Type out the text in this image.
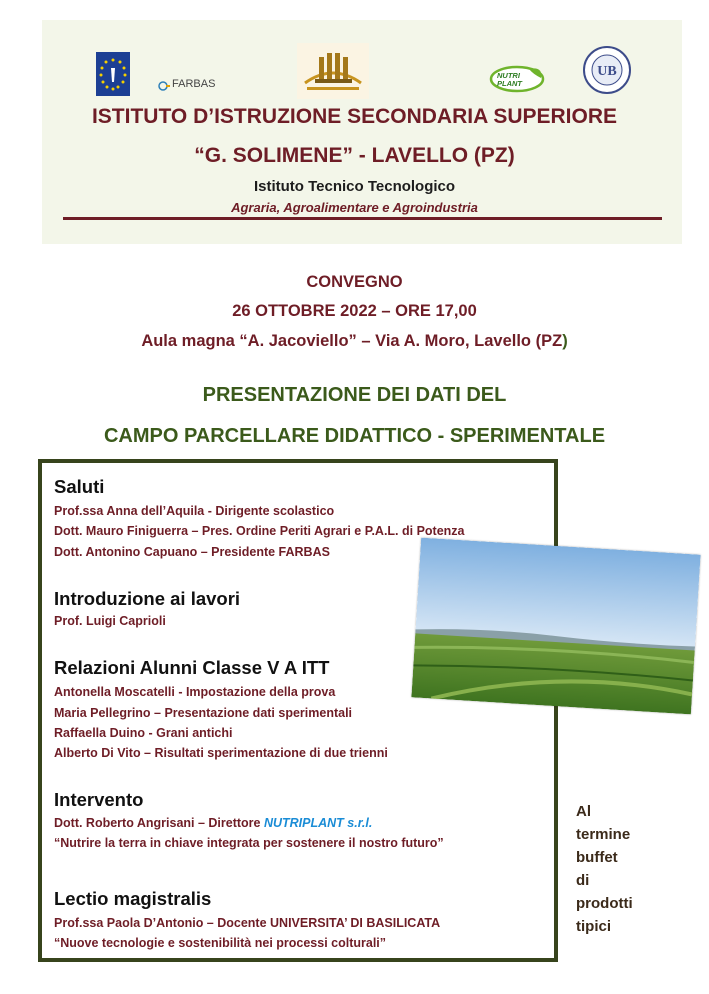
FARBAS
NUTRI PLANT
UB
ISTITUTO D’ISTRUZIONE SECONDARIA SUPERIORE
“G. SOLIMENE” - LAVELLO (PZ)
Istituto Tecnico Tecnologico
Agraria, Agroalimentare e Agroindustria
CONVEGNO
26 OTTOBRE 2022 – ORE 17,00
Aula magna “A. Jacoviello” – Via A. Moro, Lavello (PZ)
PRESENTAZIONE DEI DATI DEL
CAMPO PARCELLARE DIDATTICO - SPERIMENTALE
Saluti
Prof.ssa Anna dell’Aquila - Dirigente scolastico
Dott. Mauro Finiguerra – Pres. Ordine Periti Agrari e P.A.L. di Potenza
Dott. Antonino Capuano – Presidente FARBAS
Introduzione ai lavori
Prof. Luigi Caprioli
Relazioni Alunni Classe V A ITT
Antonella Moscatelli - Impostazione della prova
Maria Pellegrino – Presentazione dati sperimentali
Raffaella Duino - Grani antichi
Alberto Di Vito – Risultati sperimentazione di due trienni
Intervento
Dott. Roberto Angrisani – Direttore NUTRIPLANT s.r.l.
“Nutrire la terra in chiave integrata per sostenere il nostro futuro”
Lectio magistralis
Prof.ssa Paola D’Antonio – Docente UNIVERSITA’ DI BASILICATA
“Nuove tecnologie e sostenibilità nei processi colturali”
Al
termine
buffet
di
prodotti
tipici
